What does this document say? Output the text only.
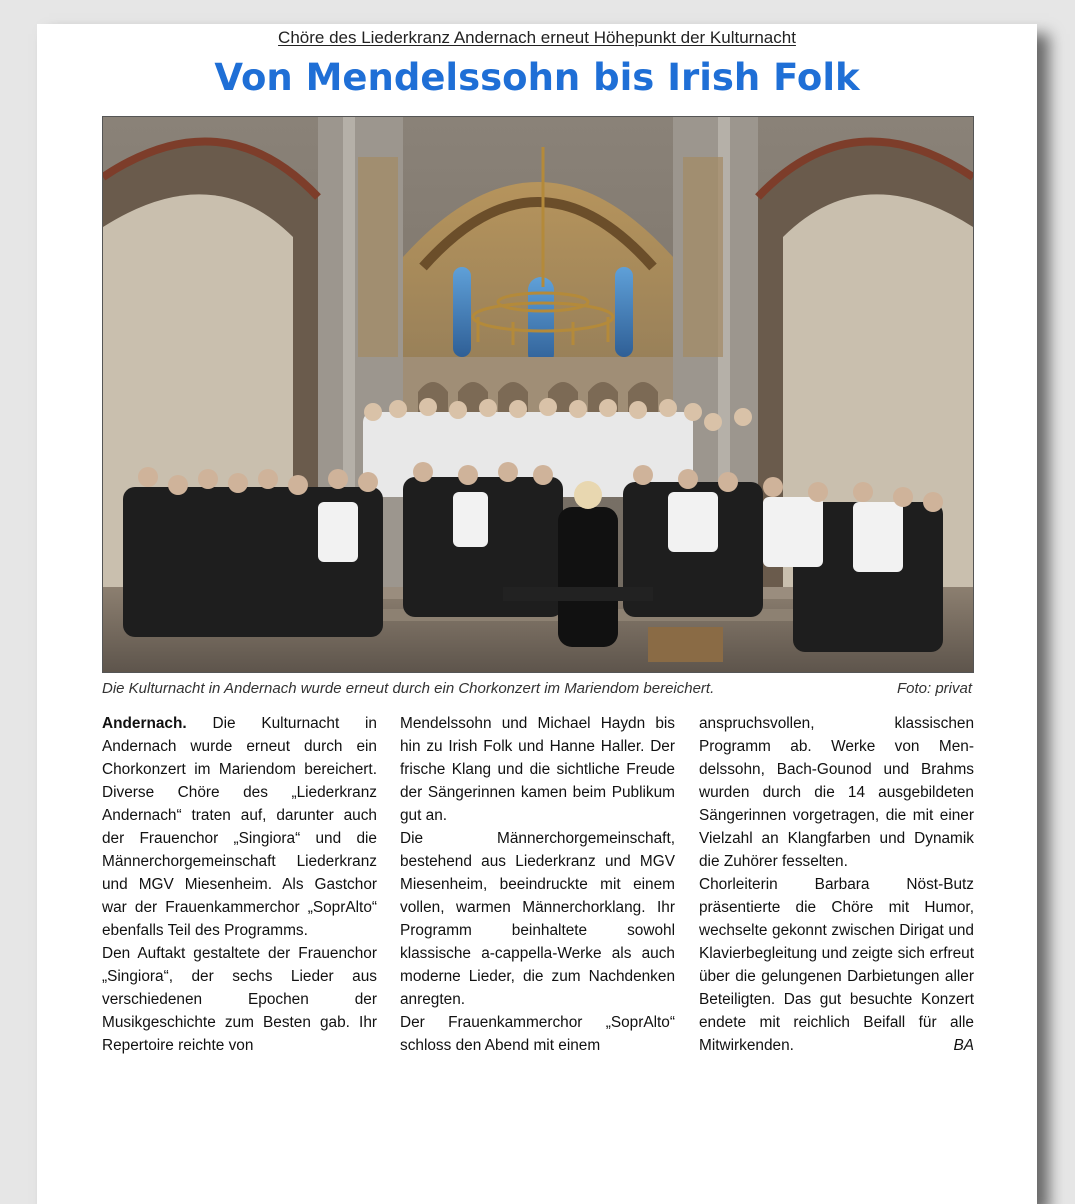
Chöre des Liederkranz Andernach erneut Höhepunkt der Kulturnacht
Von Mendelssohn bis Irish Folk
Die Kulturnacht in Andernach wurde erneut durch ein Chorkonzert im Mariendom bereichert.	Foto: privat

Andernach. Die Kulturnacht in Andernach wurde erneut durch ein Chorkonzert im Mariendom bereichert. Diverse Chöre des „Liederkranz Andernach“ traten auf, darunter auch der Frauenchor „Singiora“ und die Männerchorgemeinschaft Liederkranz und MGV Miesenheim. Als Gastchor war der Frauenkammerchor „SoprAlto“ ebenfalls Teil des Programms.

Den Auftakt gestaltete der Frauenchor „Singiora“, der sechs Lieder aus verschiedenen Epochen der Musikgeschichte zum Besten gab. Ihr Repertoire reichte von

Mendelssohn und Michael Haydn bis hin zu Irish Folk und Hanne Haller. Der frische Klang und die sichtliche Freude der Sängerinnen kamen beim Publikum gut an.

Die Männerchorgemeinschaft, bestehend aus Liederkranz und MGV Miesenheim, beeindruckte mit einem vollen, warmen Männerchorklang. Ihr Programm beinhaltete sowohl klassische a-cappella-Werke als auch moderne Lieder, die zum Nachdenken anregten.

Der Frauenkammerchor „SoprAlto“ schloss den Abend mit einem

anspruchsvollen, klassischen Programm ab. Werke von Mendelssohn, Bach-Gounod und Brahms wurden durch die 14 ausgebildeten Sängerinnen vorgetragen, die mit einer Vielzahl an Klangfarben und Dynamik die Zuhörer fesselten.

Chorleiterin Barbara Nöst-Butz präsentierte die Chöre mit Humor, wechselte gekonnt zwischen Dirigat und Klavierbegleitung und zeigte sich erfreut über die gelungenen Darbietungen aller Beteiligten. Das gut besuchte Konzert endete mit reichlich Beifall für alle Mitwirkenden.	BA
